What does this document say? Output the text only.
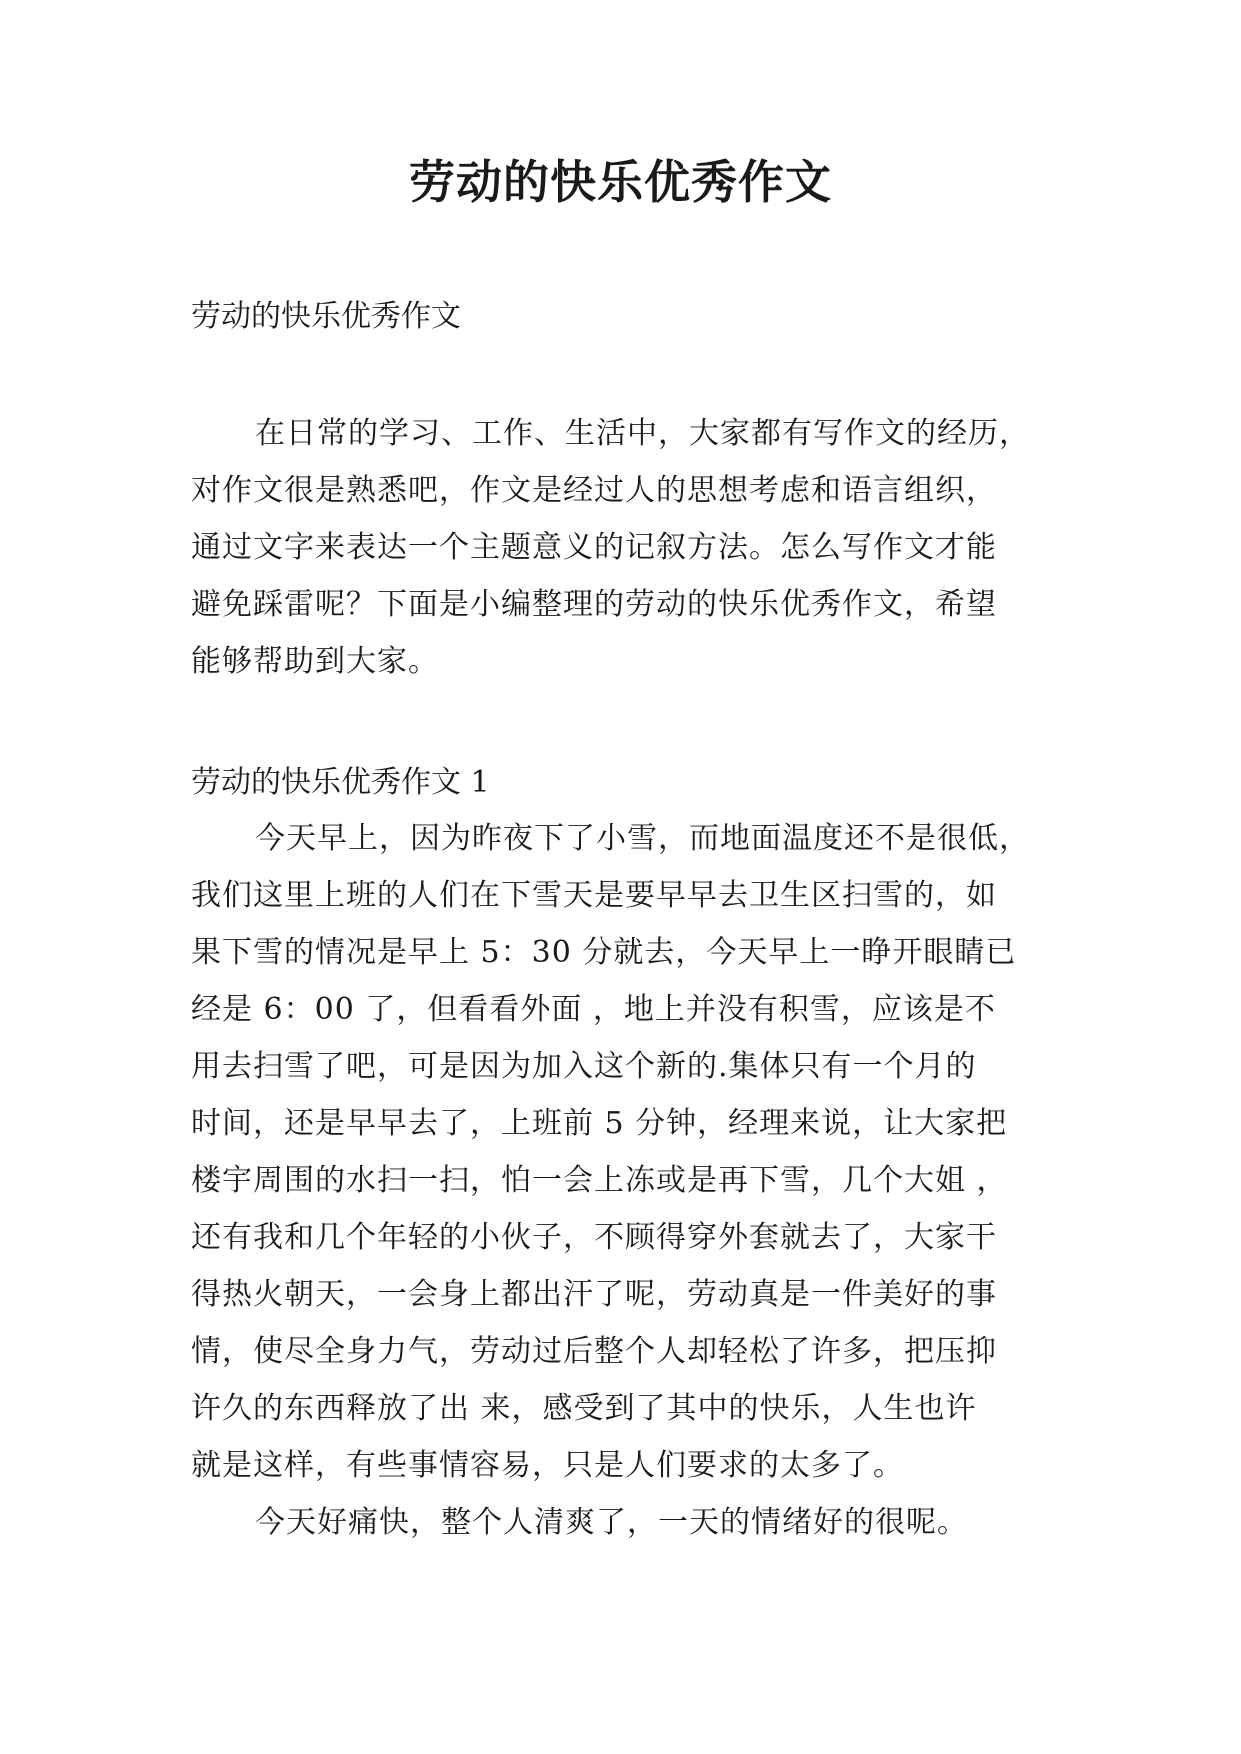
劳动的快乐优秀作文
劳动的快乐优秀作文
在日常的学习、工作、生活中，大家都有写作文的经历，
对作文很是熟悉吧，作文是经过人的思想考虑和语言组织，
通过文字来表达一个主题意义的记叙方法。怎么写作文才能
避免踩雷呢？下面是小编整理的劳动的快乐优秀作文，希望
能够帮助到大家。
劳动的快乐优秀作文 1
今天早上，因为昨夜下了小雪，而地面温度还不是很低，
我们这里上班的人们在下雪天是要早早去卫生区扫雪的，如
果下雪的情况是早上 5：30 分就去，今天早上一睁开眼睛已
经是 6：00 了，但看看外面 ，地上并没有积雪，应该是不
用去扫雪了吧，可是因为加入这个新的.集体只有一个月的
时间，还是早早去了，上班前 5 分钟，经理来说，让大家把
楼宇周围的水扫一扫，怕一会上冻或是再下雪，几个大姐 ，
还有我和几个年轻的小伙子，不顾得穿外套就去了，大家干
得热火朝天，一会身上都出汗了呢，劳动真是一件美好的事
情，使尽全身力气，劳动过后整个人却轻松了许多，把压抑
许久的东西释放了出 来，感受到了其中的快乐，人生也许
就是这样，有些事情容易，只是人们要求的太多了。
今天好痛快，整个人清爽了，一天的情绪好的很呢。
